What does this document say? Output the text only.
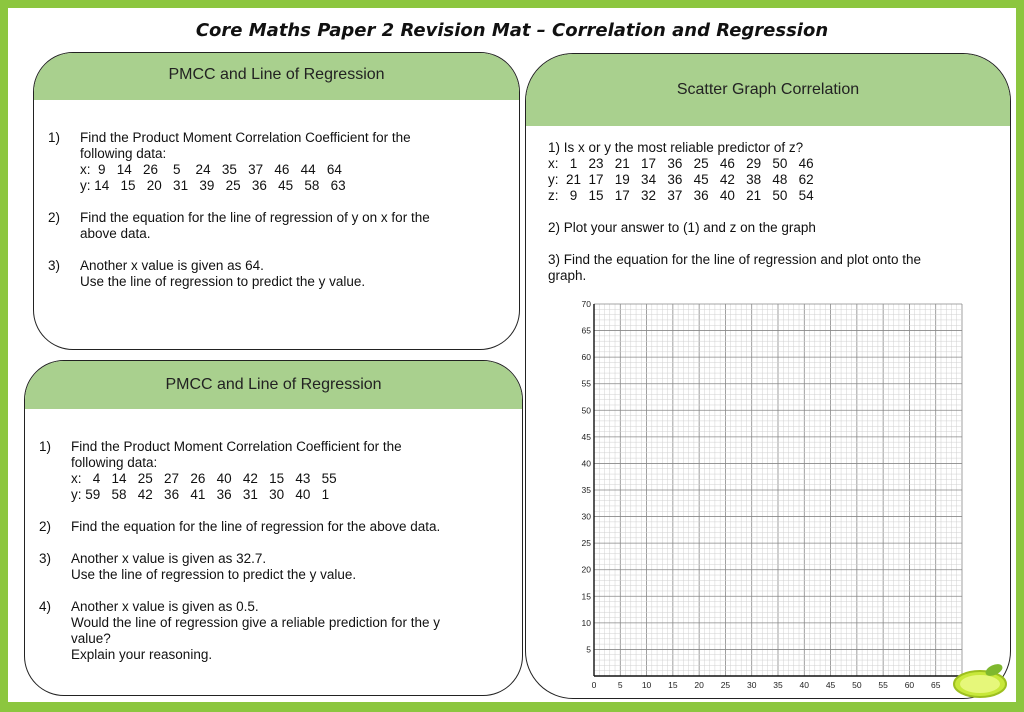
Core Maths Paper 2 Revision Mat – Correlation and Regression
PMCC and Line of Regression
1) Find the Product Moment Correlation Coefficient for the
following data:
x:  9   14   26    5    24   35   37   46   44   64
y: 14   15   20   31   39   25   36   45   58   63
2) Find the equation for the line of regression of y on x for the
above data.
3) Another x value is given as 64.
Use the line of regression to predict the y value.
PMCC and Line of Regression
1) Find the Product Moment Correlation Coefficient for the
following data:
x:   4   14   25   27   26   40   42   15   43   55
y: 59   58   42   36   41   36   31   30   40   1
2) Find the equation for the line of regression for the above data.
3) Another x value is given as 32.7.
Use the line of regression to predict the y value.
4) Another x value is given as 0.5.
Would the line of regression give a reliable prediction for the y
value?
Explain your reasoning.
Scatter Graph Correlation
1) Is x or y the most reliable predictor of z?
x:   1   23   21   17   36   25   46   29   50   46
y:  21  17   19   34   36   45   42   38   48   62
z:   9   15   17   32   37   36   40   21   50   54
2) Plot your answer to (1) and z on the graph
3) Find the equation for the line of regression and plot onto the
graph.
0	5 10 15 20 25 30 35 40 45 50 55 60 65
5
10
15
20
25
30
35
40
45
50
55
60
65
70
